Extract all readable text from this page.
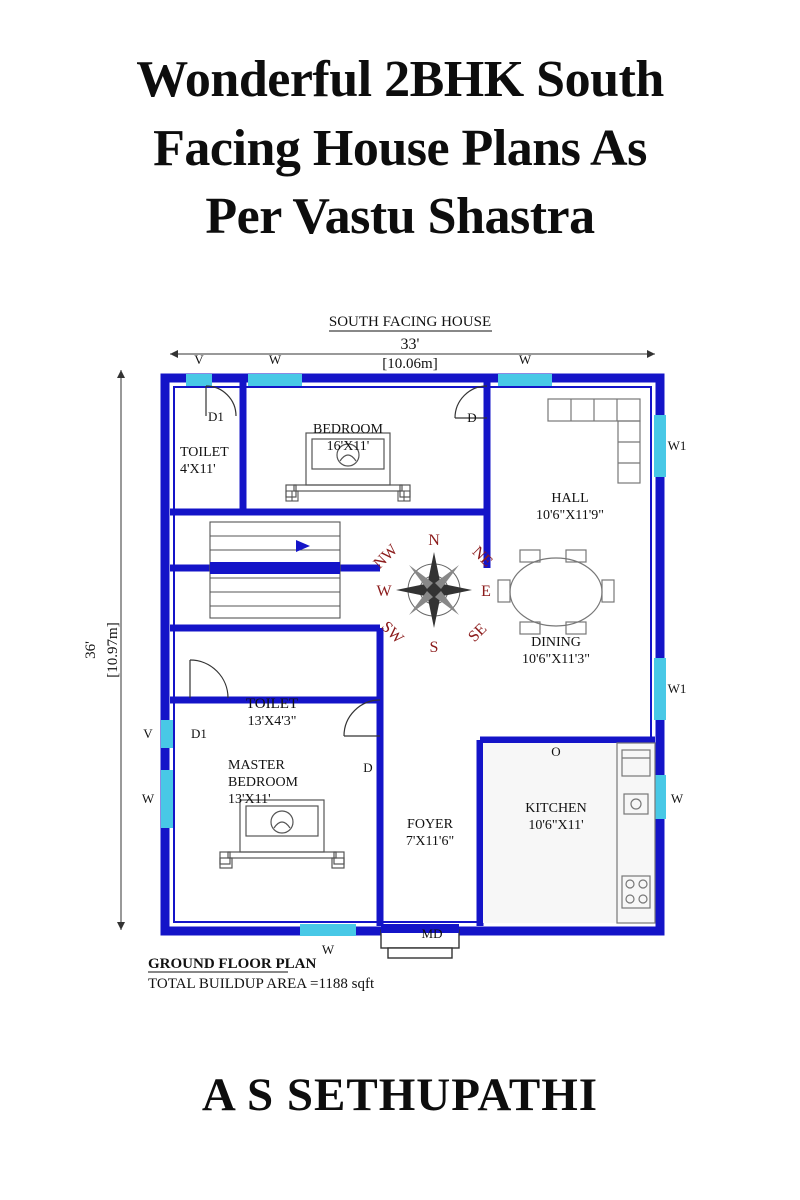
Wonderful 2BHK South
Facing House Plans As
Per Vastu Shastra
SOUTH FACING HOUSE
33'
[10.06m]
36' [10.97m]
N
S
E
W
NE
NW
SE
SW
BEDROOM
16'X11'
TOILET
4'X11'
HALL
10'6"X11'9"
DINING
10'6"X11'3"
TOILET
13'X4'3"
MASTER
BEDROOM
13'X11'
FOYER
7'X11'6"
KITCHEN
10'6"X11'
V	W	W
W1
W1
W
V
W
W
MD
O
D1	D
D1
D
GROUND FLOOR PLAN
TOTAL BUILDUP AREA =1188 sqft
A S SETHUPATHI
